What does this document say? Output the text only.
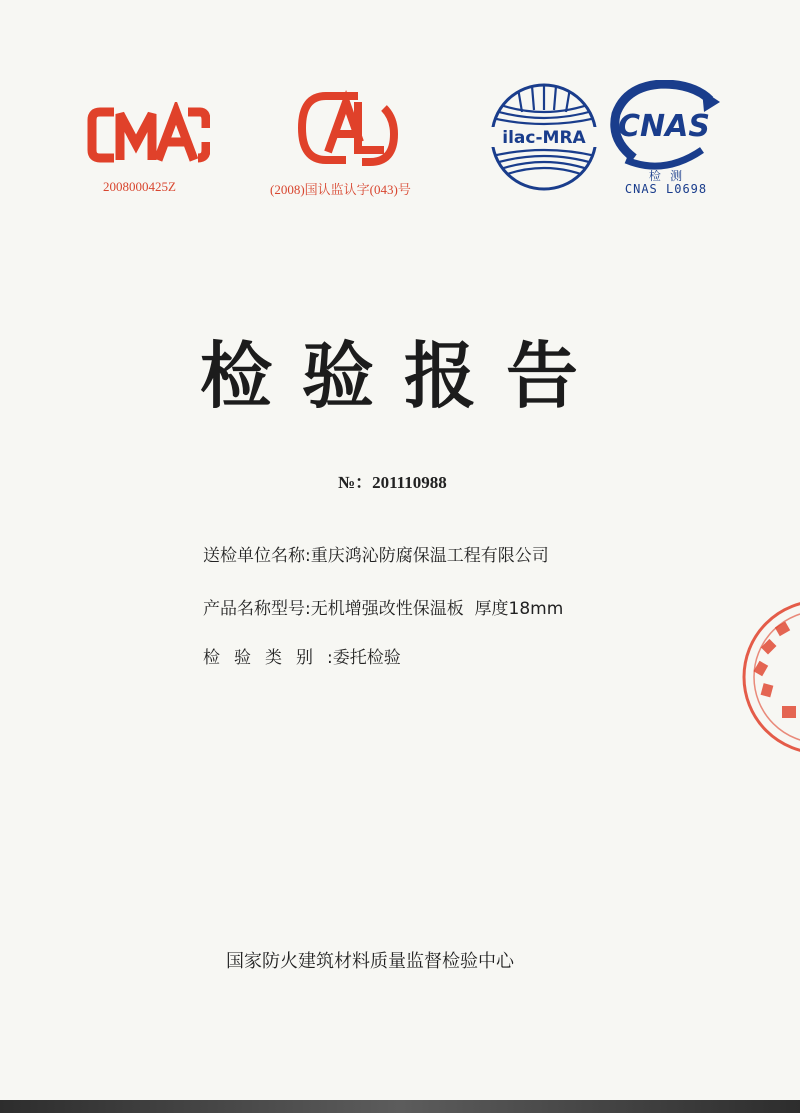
2008000425Z	(2008)国认监认字(043)号
ilac-MRA CNAS
检 测
CNAS L0698
检验报告
№：201110988
送检单位名称:重庆鸿沁防腐保温工程有限公司
产品名称型号:无机增强改性保温板  厚度18mm
检验类别:委托检验
国家防火建筑材料质量监督检验中心
